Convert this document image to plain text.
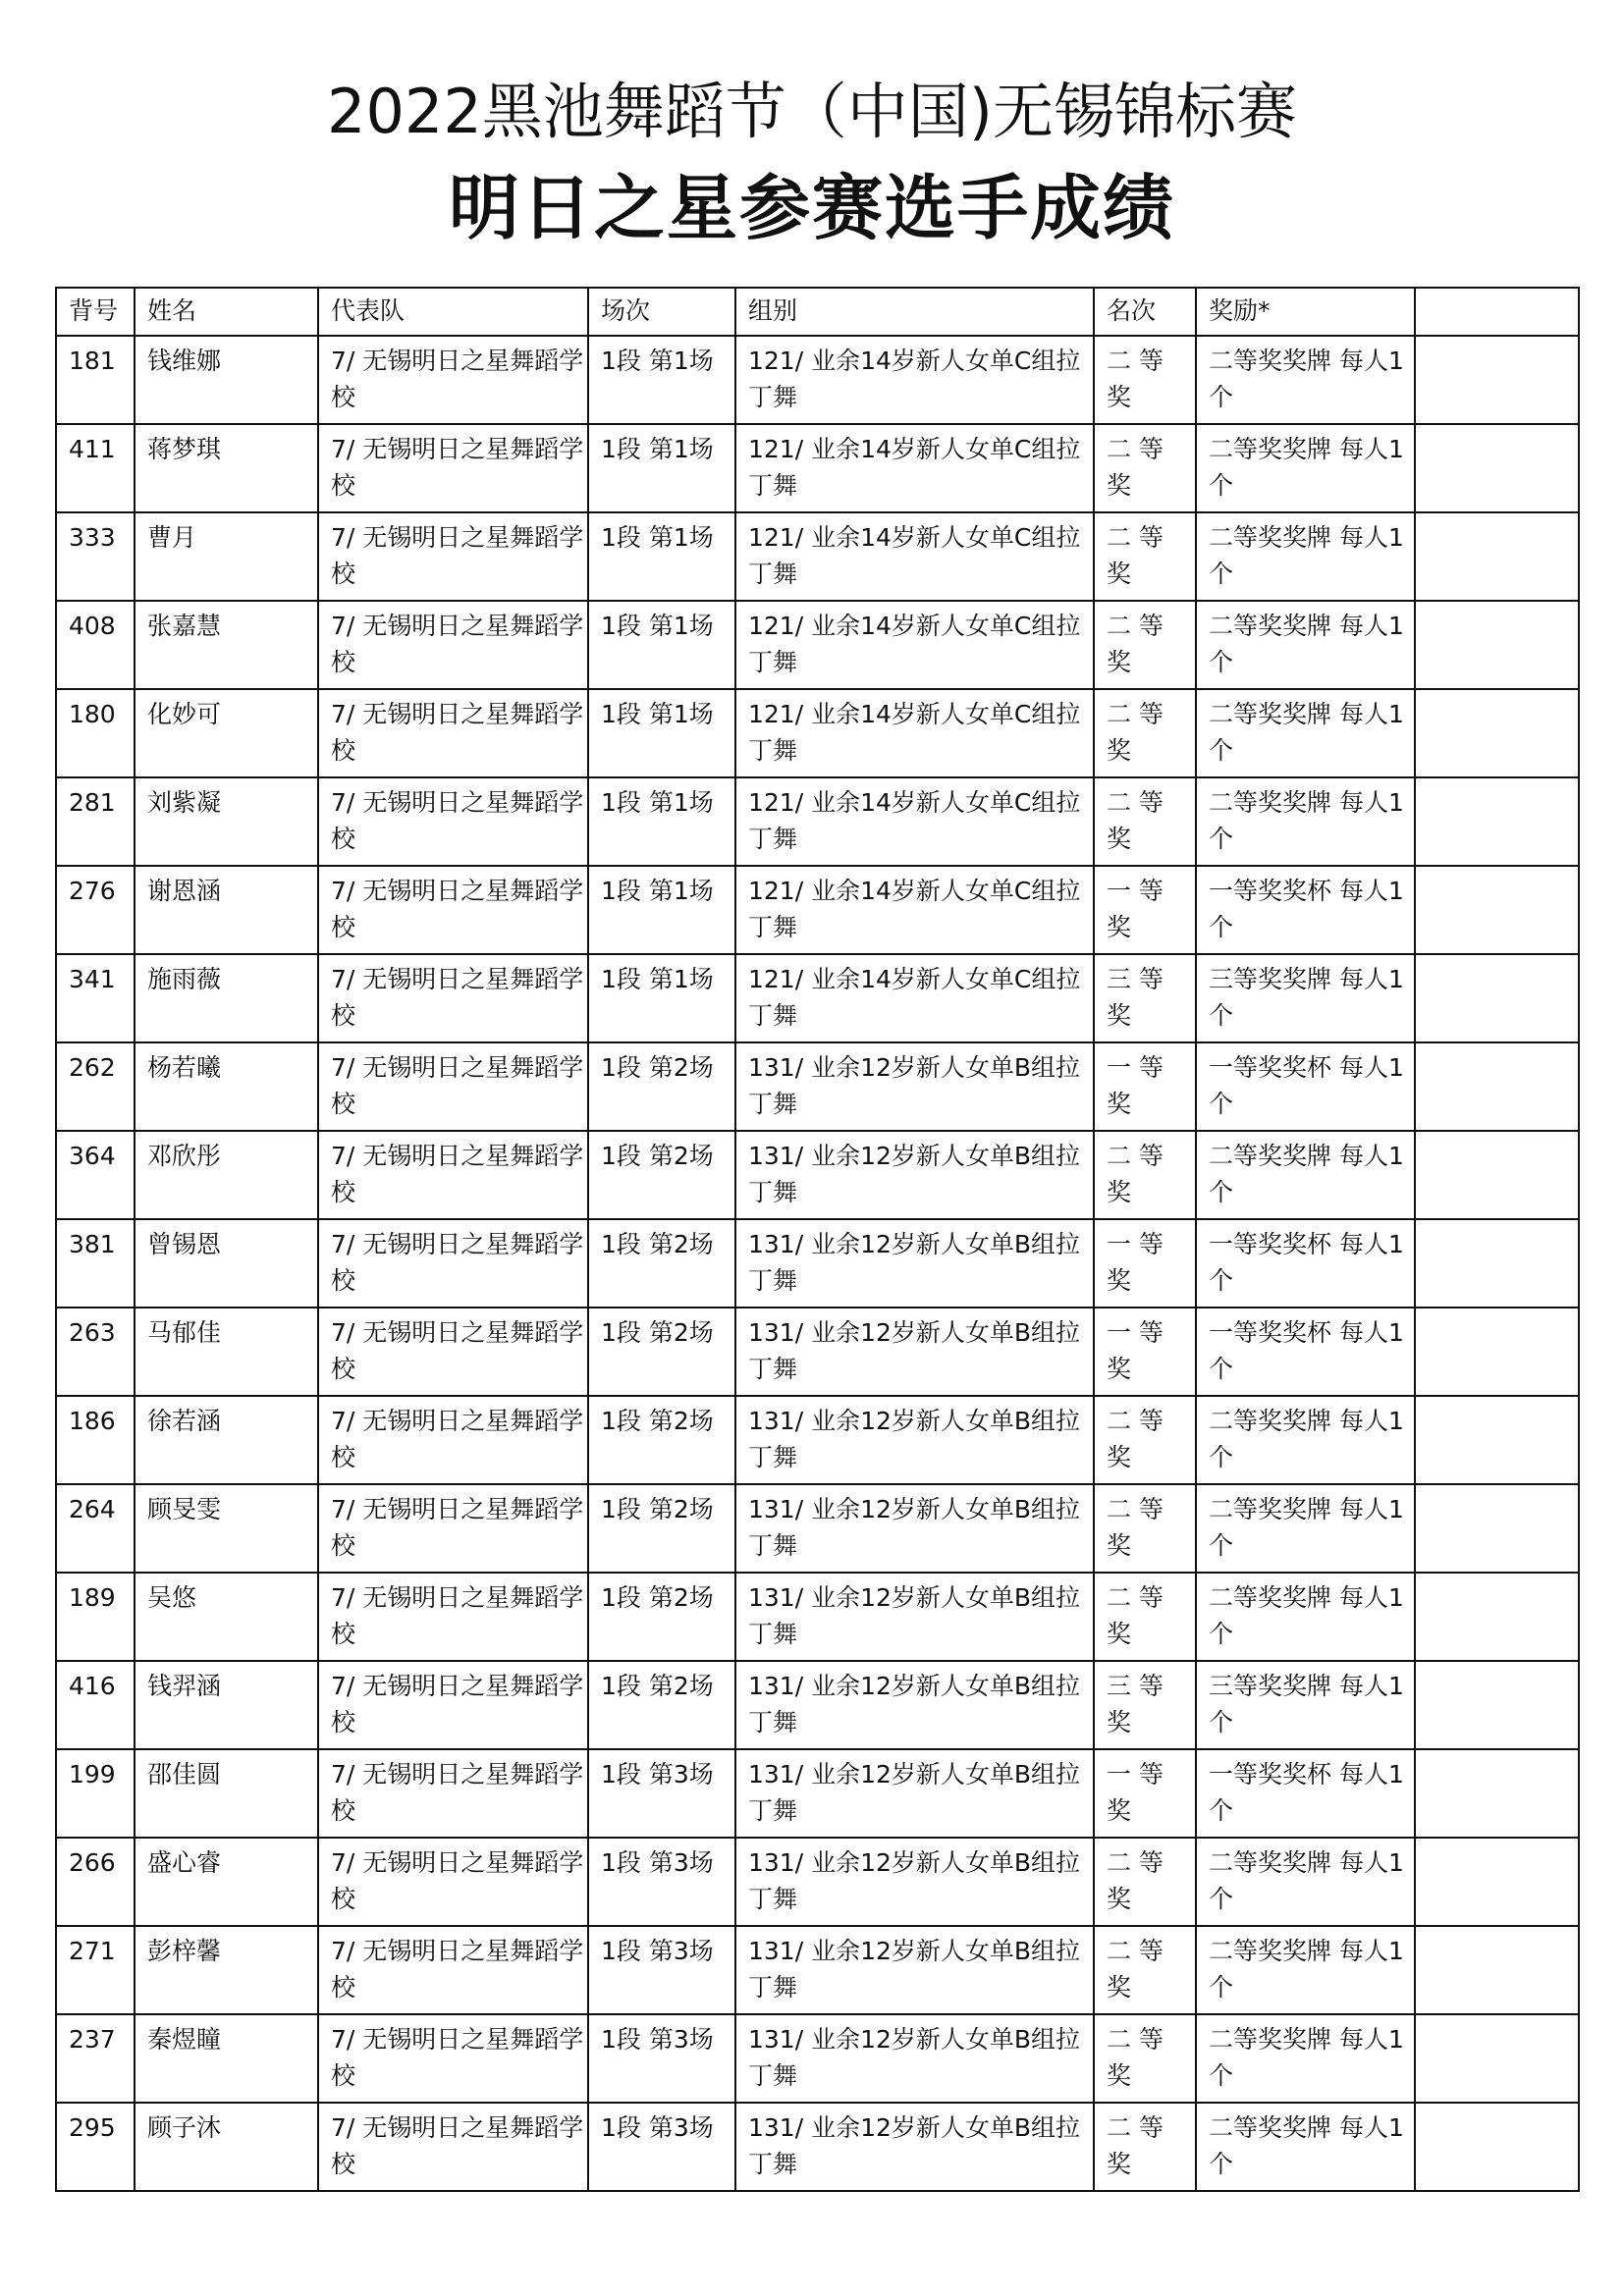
2022黑池舞蹈节（中国)无锡锦标赛
明日之星参赛选手成绩
背号	姓名	代表队	场次	组别	名次	奖励*	
181	钱维娜	7/ 无锡明日之星舞蹈学校	1段 第1场	121/ 业余14岁新人女单C组拉丁舞	二等奖	二等奖奖牌 每人1个	
411	蒋梦琪	7/ 无锡明日之星舞蹈学校	1段 第1场	121/ 业余14岁新人女单C组拉丁舞	二等奖	二等奖奖牌 每人1个	
333	曹月	7/ 无锡明日之星舞蹈学校	1段 第1场	121/ 业余14岁新人女单C组拉丁舞	二等奖	二等奖奖牌 每人1个	
408	张嘉慧	7/ 无锡明日之星舞蹈学校	1段 第1场	121/ 业余14岁新人女单C组拉丁舞	二等奖	二等奖奖牌 每人1个	
180	化妙可	7/ 无锡明日之星舞蹈学校	1段 第1场	121/ 业余14岁新人女单C组拉丁舞	二等奖	二等奖奖牌 每人1个	
281	刘紫凝	7/ 无锡明日之星舞蹈学校	1段 第1场	121/ 业余14岁新人女单C组拉丁舞	二等奖	二等奖奖牌 每人1个	
276	谢恩涵	7/ 无锡明日之星舞蹈学校	1段 第1场	121/ 业余14岁新人女单C组拉丁舞	一等奖	一等奖奖杯 每人1个	
341	施雨薇	7/ 无锡明日之星舞蹈学校	1段 第1场	121/ 业余14岁新人女单C组拉丁舞	三等奖	三等奖奖牌 每人1个	
262	杨若曦	7/ 无锡明日之星舞蹈学校	1段 第2场	131/ 业余12岁新人女单B组拉丁舞	一等奖	一等奖奖杯 每人1个	
364	邓欣彤	7/ 无锡明日之星舞蹈学校	1段 第2场	131/ 业余12岁新人女单B组拉丁舞	二等奖	二等奖奖牌 每人1个	
381	曾锡恩	7/ 无锡明日之星舞蹈学校	1段 第2场	131/ 业余12岁新人女单B组拉丁舞	一等奖	一等奖奖杯 每人1个	
263	马郁佳	7/ 无锡明日之星舞蹈学校	1段 第2场	131/ 业余12岁新人女单B组拉丁舞	一等奖	一等奖奖杯 每人1个	
186	徐若涵	7/ 无锡明日之星舞蹈学校	1段 第2场	131/ 业余12岁新人女单B组拉丁舞	二等奖	二等奖奖牌 每人1个	
264	顾旻雯	7/ 无锡明日之星舞蹈学校	1段 第2场	131/ 业余12岁新人女单B组拉丁舞	二等奖	二等奖奖牌 每人1个	
189	吴悠	7/ 无锡明日之星舞蹈学校	1段 第2场	131/ 业余12岁新人女单B组拉丁舞	二等奖	二等奖奖牌 每人1个	
416	钱羿涵	7/ 无锡明日之星舞蹈学校	1段 第2场	131/ 业余12岁新人女单B组拉丁舞	三等奖	三等奖奖牌 每人1个	
199	邵佳圆	7/ 无锡明日之星舞蹈学校	1段 第3场	131/ 业余12岁新人女单B组拉丁舞	一等奖	一等奖奖杯 每人1个	
266	盛心睿	7/ 无锡明日之星舞蹈学校	1段 第3场	131/ 业余12岁新人女单B组拉丁舞	二等奖	二等奖奖牌 每人1个	
271	彭梓馨	7/ 无锡明日之星舞蹈学校	1段 第3场	131/ 业余12岁新人女单B组拉丁舞	二等奖	二等奖奖牌 每人1个	
237	秦煜瞳	7/ 无锡明日之星舞蹈学校	1段 第3场	131/ 业余12岁新人女单B组拉丁舞	二等奖	二等奖奖牌 每人1个	
295	顾子沐	7/ 无锡明日之星舞蹈学校	1段 第3场	131/ 业余12岁新人女单B组拉丁舞	二等奖	二等奖奖牌 每人1个	
